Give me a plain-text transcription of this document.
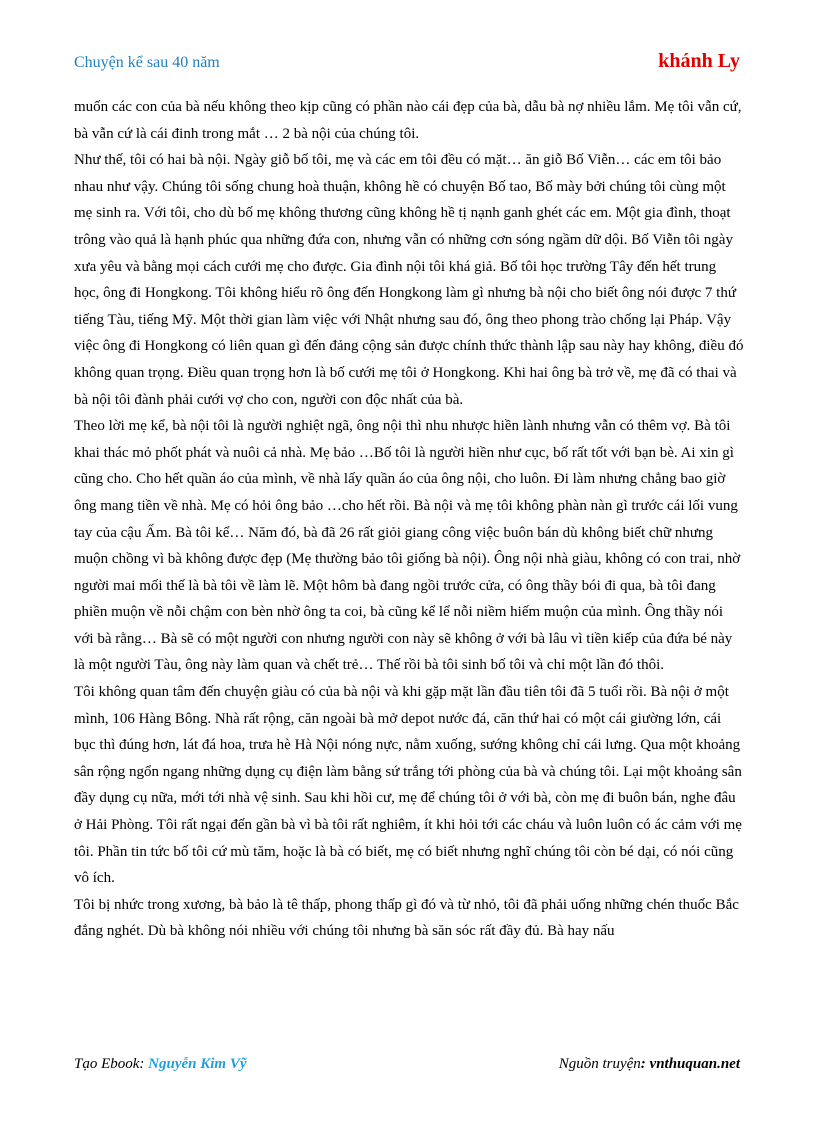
Chuyện kể sau 40 năm	khánh Ly

muốn các con của bà nếu không theo kịp cũng có phần nào cái đẹp của bà, dẫu bà nợ nhiều lắm. Mẹ tôi vẫn cứ, bà vẫn cứ là cái đinh trong mắt … 2 bà nội của chúng tôi.

Như thế, tôi có hai bà nội. Ngày giỗ bố tôi, mẹ và các em tôi đều có mặt… ăn giỗ Bố Viễn… các em tôi bảo nhau như vậy. Chúng tôi sống chung hoà thuận, không hề có chuyện Bố tao, Bố mày bởi chúng tôi cùng một mẹ sinh ra. Với tôi, cho dù bố mẹ không thương cũng không hề tị nạnh ganh ghét các em. Một gia đình, thoạt trông vào quả là hạnh phúc qua những đứa con, nhưng vẫn có những cơn sóng ngầm dữ dội. Bố Viễn tôi ngày xưa yêu và bằng mọi cách cưới mẹ cho được. Gia đình nội tôi khá giả. Bố tôi học trường Tây đến hết trung học, ông đi Hongkong. Tôi không hiểu rõ ông đến Hongkong làm gì nhưng bà nội cho biết ông nói được 7 thứ tiếng Tàu, tiếng Mỹ. Một thời gian làm việc với Nhật nhưng sau đó, ông theo phong trào chống lại Pháp. Vậy việc ông đi Hongkong có liên quan gì đến đảng cộng sản được chính thức thành lập sau này hay không, điều đó không quan trọng. Điều quan trọng hơn là bố cưới mẹ tôi ở Hongkong. Khi hai ông bà trở về, mẹ đã có thai và bà nội tôi đành phải cưới vợ cho con, người con độc nhất của bà.

Theo lời mẹ kể, bà nội tôi là người nghiệt ngã, ông nội thì nhu nhược hiền lành nhưng vẫn có thêm vợ. Bà tôi khai thác mỏ phốt phát và nuôi cả nhà. Mẹ bảo …Bố tôi là người hiền như cục, bố rất tốt với bạn bè. Ai xin gì cũng cho. Cho hết quần áo của mình, về nhà lấy quần áo của ông nội, cho luôn. Đi làm nhưng chẳng bao giờ ông mang tiền về nhà. Mẹ có hỏi ông bảo …cho hết rồi. Bà nội và mẹ tôi không phàn nàn gì trước cái lối vung tay của cậu Ấm. Bà tôi kể… Năm đó, bà đã 26 rất giỏi giang công việc buôn bán dù không biết chữ nhưng muộn chồng vì bà không được đẹp (Mẹ thường bảo tôi giống bà nội). Ông nội nhà giàu, không có con trai, nhờ người mai mối thế là bà tôi về làm lẽ. Một hôm bà đang ngồi trước cửa, có ông thầy bói đi qua, bà tôi đang phiền muộn về nỗi chậm con bèn nhờ ông ta coi, bà cũng kể lể nỗi niềm hiếm muộn của mình. Ông thầy nói với bà rằng… Bà sẽ có một người con nhưng người con này sẽ không ở với bà lâu vì tiền kiếp của đứa bé này là một người Tàu, ông này làm quan và chết trẻ… Thế rồi bà tôi sinh bố tôi và chỉ một lần đó thôi.

Tôi không quan tâm đến chuyện giàu có của bà nội và khi gặp mặt lần đầu tiên tôi đã 5 tuổi rồi. Bà nội ở một mình, 106 Hàng Bông. Nhà rất rộng, căn ngoài bà mở depot nước đá, căn thứ hai có một cái giường lớn, cái bục thì đúng hơn, lát đá hoa, trưa hè Hà Nội nóng nực, nằm xuống, sướng không chỉ cái lưng. Qua một khoảng sân rộng ngổn ngang những dụng cụ điện làm bằng sứ trắng tới phòng của bà và chúng tôi. Lại một khoảng sân đầy dụng cụ nữa, mới tới nhà vệ sinh. Sau khi hồi cư, mẹ để chúng tôi ở với bà, còn mẹ đi buôn bán, nghe đâu ở Hải Phòng. Tôi rất ngại đến gần bà vì bà tôi rất nghiêm, ít khi hỏi tới các cháu và luôn luôn có ác cảm với mẹ tôi. Phần tin tức bố tôi cứ mù tăm, hoặc là bà có biết, mẹ có biết nhưng nghĩ chúng tôi còn bé dại, có nói cũng vô ích.

Tôi bị nhức trong xương, bà bảo là tê thấp, phong thấp gì đó và từ nhỏ, tôi đã phải uống những chén thuốc Bắc đắng nghét. Dù bà không nói nhiều với chúng tôi nhưng bà săn sóc rất đầy đủ. Bà hay nấu

Tạo Ebook: Nguyễn Kim Vỹ	Nguồn truyện: vnthuquan.net
